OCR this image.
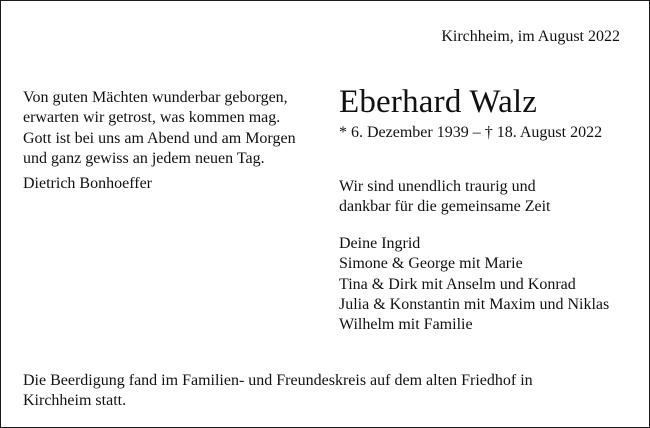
Kirchheim, im August 2022
Von guten Mächten wunderbar geborgen,
erwarten wir getrost, was kommen mag.
Gott ist bei uns am Abend und am Morgen
und ganz gewiss an jedem neuen Tag.
Dietrich Bonhoeffer
Eberhard Walz
* 6. Dezember 1939 – † 18. August 2022
Wir sind unendlich traurig und
dankbar für die gemeinsame Zeit
Deine Ingrid
Simone & George mit Marie
Tina & Dirk mit Anselm und Konrad
Julia & Konstantin mit Maxim und Niklas
Wilhelm mit Familie
Die Beerdigung fand im Familien- und Freundeskreis auf dem alten Friedhof in
Kirchheim statt.
